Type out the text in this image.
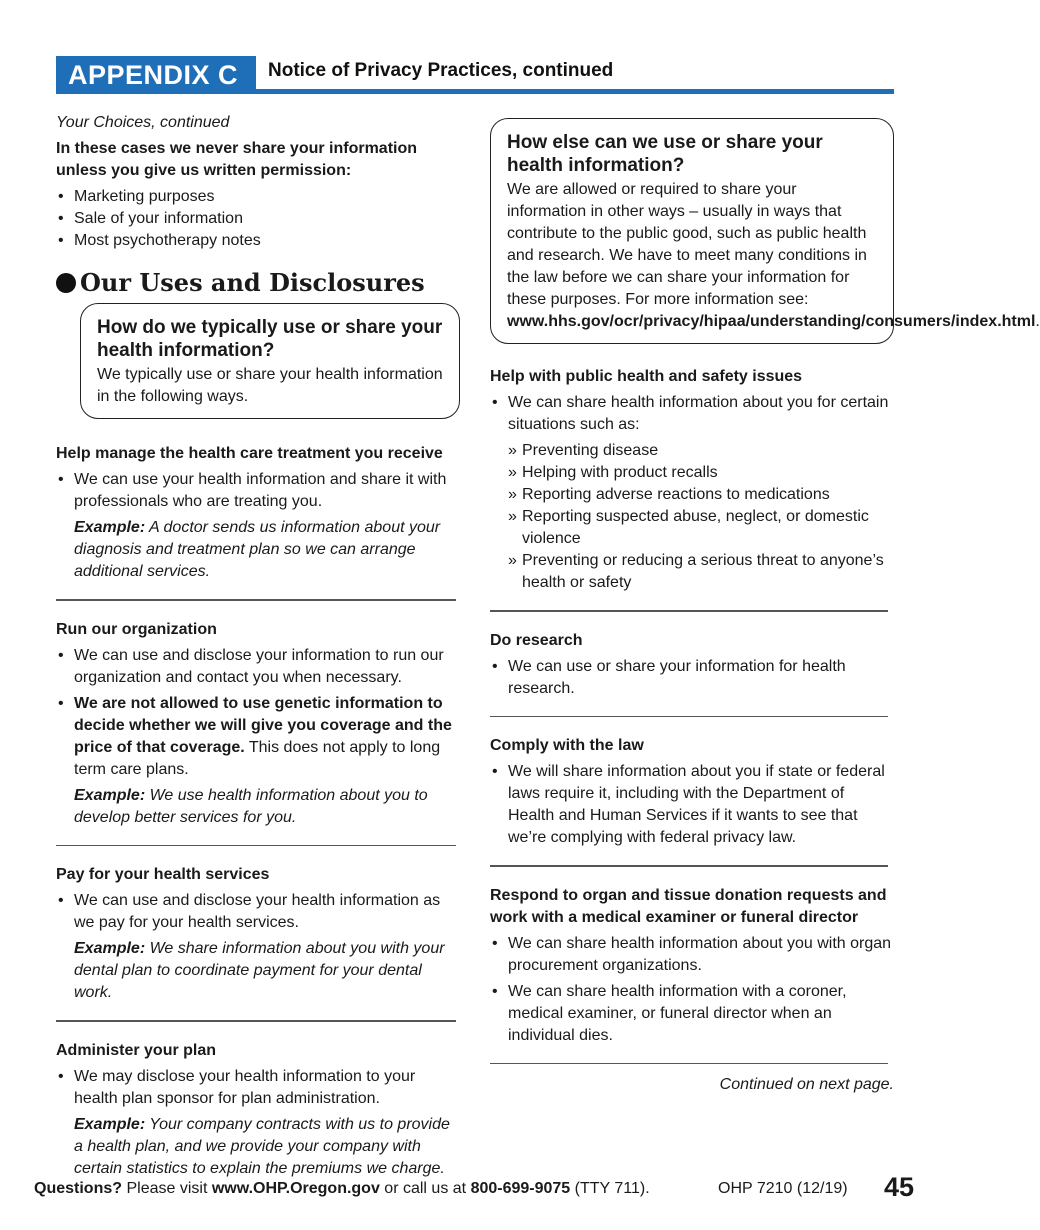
APPENDIX C	Notice of Privacy Practices, continued
Your Choices, continued
In these cases we never share your information unless you give us written permission:
• Marketing purposes
• Sale of your information
• Most psychotherapy notes
Our Uses and Disclosures
How do we typically use or share your health information?
We typically use or share your health information in the following ways.
Help manage the health care treatment you receive
• We can use your health information and share it with professionals who are treating you.
Example: A doctor sends us information about your diagnosis and treatment plan so we can arrange additional services.
Run our organization
• We can use and disclose your information to run our organization and contact you when necessary.
• We are not allowed to use genetic information to decide whether we will give you coverage and the price of that coverage. This does not apply to long term care plans.
Example: We use health information about you to develop better services for you.
Pay for your health services
• We can use and disclose your health information as we pay for your health services.
Example: We share information about you with your dental plan to coordinate payment for your dental work.
Administer your plan
• We may disclose your health information to your health plan sponsor for plan administration.
Example: Your company contracts with us to provide a health plan, and we provide your company with certain statistics to explain the premiums we charge.
How else can we use or share your health information?
We are allowed or required to share your information in other ways – usually in ways that contribute to the public good, such as public health and research. We have to meet many conditions in the law before we can share your information for these purposes. For more information see: www.hhs.gov/ocr/privacy/hipaa/understanding/consumers/index.html.
Help with public health and safety issues
• We can share health information about you for certain situations such as:
» Preventing disease
» Helping with product recalls
» Reporting adverse reactions to medications
» Reporting suspected abuse, neglect, or domestic violence
» Preventing or reducing a serious threat to anyone’s health or safety
Do research
• We can use or share your information for health research.
Comply with the law
• We will share information about you if state or federal laws require it, including with the Department of Health and Human Services if it wants to see that we’re complying with federal privacy law.
Respond to organ and tissue donation requests and work with a medical examiner or funeral director
• We can share health information about you with organ procurement organizations.
• We can share health information with a coroner, medical examiner, or funeral director when an individual dies.
Continued on next page.
Questions? Please visit www.OHP.Oregon.gov or call us at 800-699-9075 (TTY 711).	OHP 7210 (12/19) 45
